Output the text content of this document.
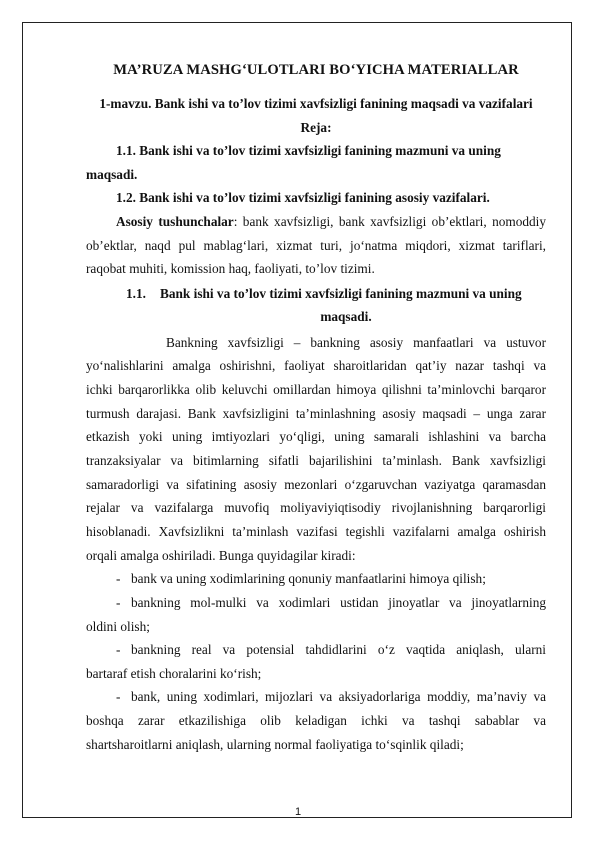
MA’RUZA MASHG‘ULOTLARI BO‘YICHA MATERIALLAR
1-mavzu. Bank ishi va to’lov tizimi xavfsizligi fanining maqsadi va vazifalari
Reja:
1.1. Bank ishi va to’lov tizimi xavfsizligi fanining mazmuni va uning
maqsadi.
1.2. Bank ishi va to’lov tizimi xavfsizligi fanining asosiy vazifalari.
Asosiy tushunchalar: bank xavfsizligi, bank xavfsizligi ob’ektlari, nomoddiy
ob’ektlar, naqd pul mablag‘lari, xizmat turi, jo‘natma miqdori, xizmat tariflari,
raqobat muhiti, komission haq, faoliyati, to’lov tizimi.
1.1.	Bank ishi va to’lov tizimi xavfsizligi fanining mazmuni va uning
maqsadi.
Bankning xavfsizligi – bankning asosiy manfaatlari va ustuvor
yo‘nalishlarini amalga oshirishni, faoliyat sharoitlaridan qat’iy nazar tashqi va
ichki barqarorlikka olib keluvchi omillardan himoya qilishni ta’minlovchi barqaror
turmush darajasi. Bank xavfsizligini ta’minlashning asosiy maqsadi – unga zarar
etkazish yoki uning imtiyozlari yo‘qligi, uning samarali ishlashini va barcha
tranzaksiyalar va bitimlarning sifatli bajarilishini ta’minlash. Bank xavfsizligi
samaradorligi va sifatining asosiy mezonlari o‘zgaruvchan vaziyatga qaramasdan
rejalar va vazifalarga muvofiq moliyaviyiqtisodiy rivojlanishning barqarorligi
hisoblanadi. Xavfsizlikni ta’minlash vazifasi tegishli vazifalarni amalga oshirish
orqali amalga oshiriladi. Bunga quyidagilar kiradi:
- bank va uning xodimlarining qonuniy manfaatlarini himoya qilish;
- bankning mol-mulki va xodimlari ustidan jinoyatlar va jinoyatlarning
oldini olish;
- bankning real va potensial tahdidlarini o‘z vaqtida aniqlash, ularni
bartaraf etish choralarini ko‘rish;
- bank, uning xodimlari, mijozlari va aksiyadorlariga moddiy, ma’naviy va
boshqa zarar etkazilishiga olib keladigan ichki va tashqi sabablar va
shartsharoitlarni aniqlash, ularning normal faoliyatiga to‘sqinlik qiladi;
1
